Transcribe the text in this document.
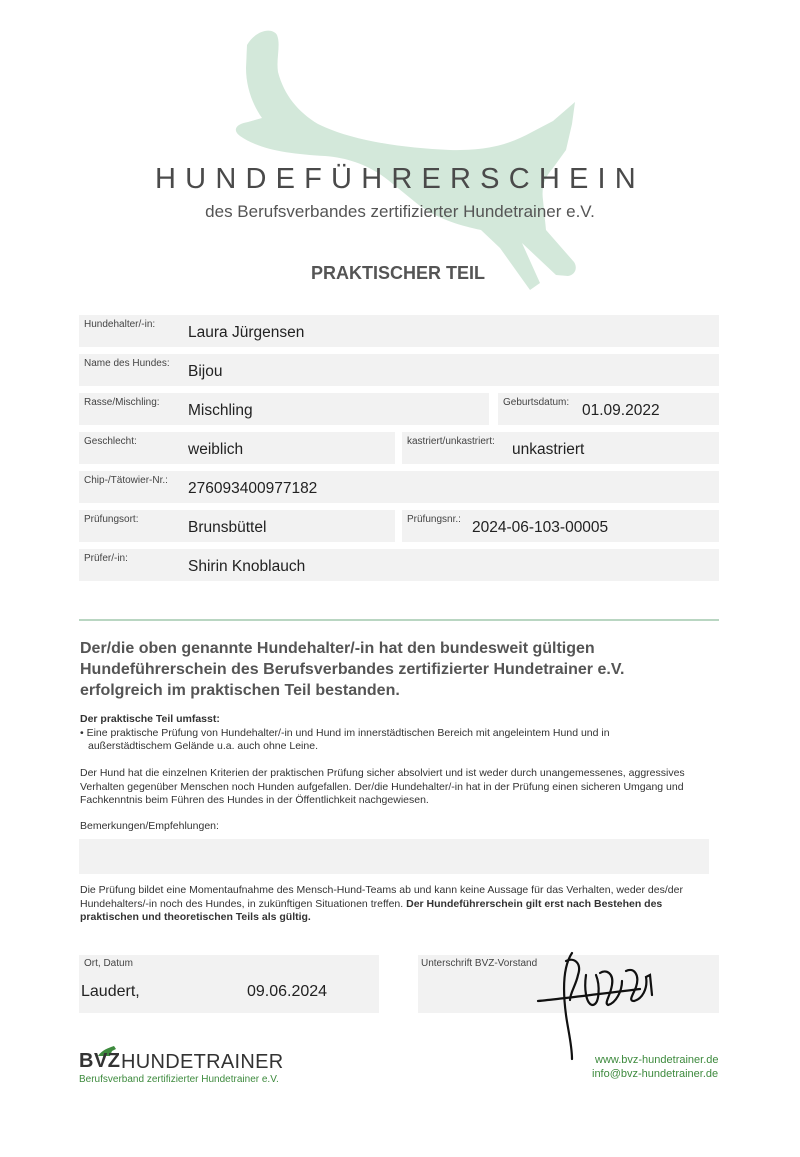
HUNDEFÜHRERSCHEIN
des Berufsverbandes zertifizierter Hundetrainer e.V.
PRAKTISCHER TEIL
Hundehalter/-in: Laura Jürgensen
Name des Hundes: Bijou
Rasse/Mischling: Mischling	Geburtsdatum: 01.09.2022
Geschlecht:	weiblich	kastriert/unkastriert: unkastriert
Chip-/Tätowier-Nr.: 276093400977182
Prüfungsort:	Brunsbüttel	Prüfungsnr.: 2024-06-103-00005
Prüfer/-in:	Shirin Knoblauch
Der/die oben genannte Hundehalter/-in hat den bundesweit gültigen
Hundeführerschein des Berufsverbandes zertifizierter Hundetrainer e.V.
erfolgreich im praktischen Teil bestanden.
Der praktische Teil umfasst:
• Eine praktische Prüfung von Hundehalter/-in und Hund im innerstädtischen Bereich mit angeleintem Hund und in
außerstädtischem Gelände u.a. auch ohne Leine.
Der Hund hat die einzelnen Kriterien der praktischen Prüfung sicher absolviert und ist weder durch unangemessenes, aggressives
Verhalten gegenüber Menschen noch Hunden aufgefallen. Der/die Hundehalter/-in hat in der Prüfung einen sicheren Umgang und
Fachkenntnis beim Führen des Hundes in der Öffentlichkeit nachgewiesen.
Bemerkungen/Empfehlungen:
Die Prüfung bildet eine Momentaufnahme des Mensch-Hund-Teams ab und kann keine Aussage für das Verhalten, weder des/der
Hundehalters/-in noch des Hundes, in zukünftigen Situationen treffen. Der Hundeführerschein gilt erst nach Bestehen des
praktischen und theoretischen Teils als gültig.
Ort, Datum
Laudert,	09.06.2024
Unterschrift BVZ-Vorstand
BVZ HUNDETRAINER
Berufsverband zertifizierter Hundetrainer e.V.
www.bvz-hundetrainer.de
info@bvz-hundetrainer.de
